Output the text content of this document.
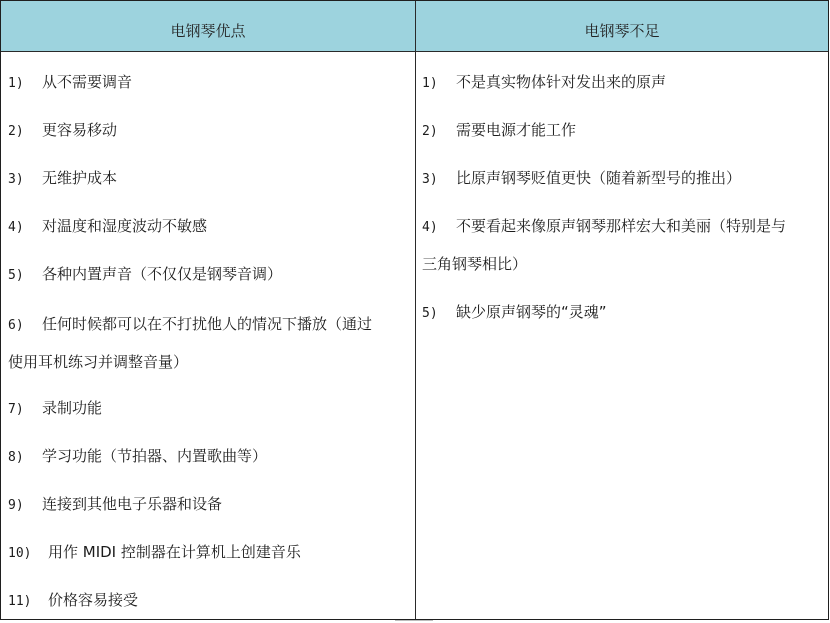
电钢琴优点	电钢琴不足
1) 从不需要调音
2) 更容易移动
3) 无维护成本
4) 对温度和湿度波动不敏感
5) 各种内置声音（不仅仅是钢琴音调）
6) 任何时候都可以在不打扰他人的情况下播放（通过
使用耳机练习并调整音量）
7) 录制功能
8) 学习功能（节拍器、内置歌曲等）
9) 连接到其他电子乐器和设备
10) 用作 MIDI 控制器在计算机上创建音乐
11) 价格容易接受
1) 不是真实物体针对发出来的原声
2) 需要电源才能工作
3) 比原声钢琴贬值更快（随着新型号的推出）
4) 不要看起来像原声钢琴那样宏大和美丽（特别是与
三角钢琴相比）
5) 缺少原声钢琴的“灵魂”
